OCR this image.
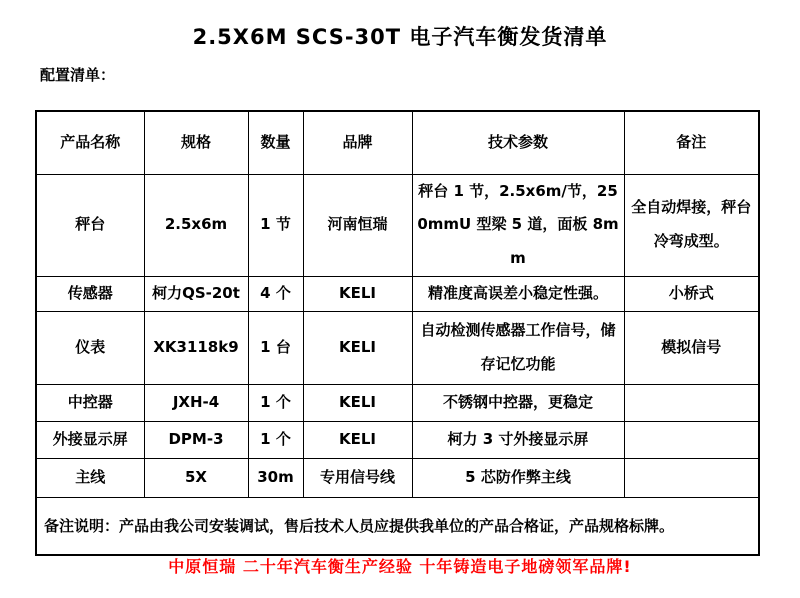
2.5X6M SCS-30T 电子汽车衡发货清单
配置清单：
产品名称	规格	数量	品牌	技术参数	备注
秤台	2.5x6m	1 节	河南恒瑞	秤台 1 节，2.5x6m/节，250mmU 型梁 5 道，面板 8mm	全自动焊接，秤台冷弯成型。
传感器	柯力QS-20t	4 个	KELI	精准度高误差小稳定性强。	小桥式
仪表	XK3118k9	1 台	KELI	自动检测传感器工作信号，储存记忆功能	模拟信号
中控器	JXH-4	1 个	KELI	不锈钢中控器，更稳定	
外接显示屏	DPM-3	1 个	KELI	柯力 3 寸外接显示屏	
主线	5X	30m	专用信号线	5 芯防作弊主线	
备注说明：产品由我公司安装调试，售后技术人员应提供我单位的产品合格证，产品规格标牌。					
中原恒瑞 二十年汽车衡生产经验 十年铸造电子地磅领军品牌!
